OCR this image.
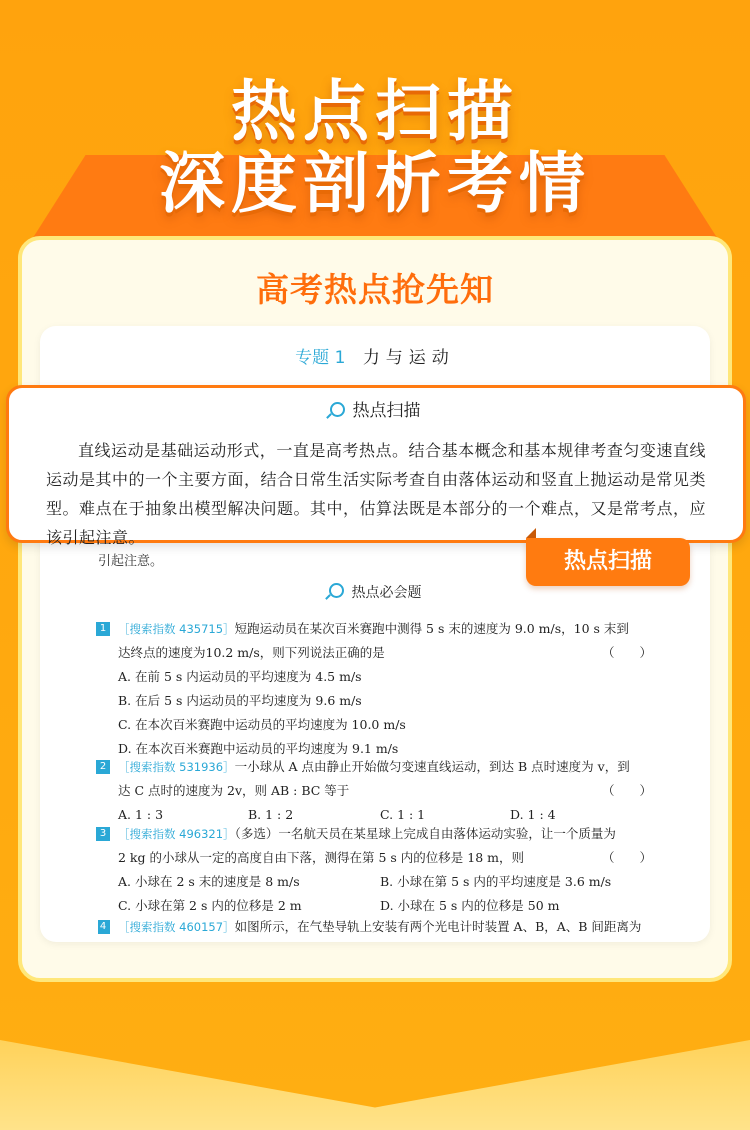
热点扫描
深度剖析考情
高考热点抢先知
专题 1 力与运动
引起注意。
热点扫描
直线运动是基础运动形式，一直是高考热点。结合基本概念和基本规律考查匀变速直线运动是其中的一个主要方面，结合日常生活实际考查自由落体运动和竖直上抛运动是常见类型。难点在于抽象出模型解决问题。其中，估算法既是本部分的一个难点，又是常考点，应该引起注意。
热点扫描
热点必会题
1	［搜索指数 435715］短跑运动员在某次百米赛跑中测得 5 s 末的速度为 9.0 m/s，10 s 末到
达终点的速度为10.2 m/s，则下列说法正确的是	（　　）
A. 在前 5 s 内运动员的平均速度为 4.5 m/s
B. 在后 5 s 内运动员的平均速度为 9.6 m/s
C. 在本次百米赛跑中运动员的平均速度为 10.0 m/s
D. 在本次百米赛跑中运动员的平均速度为 9.1 m/s
2	［搜索指数 531936］一小球从 A 点由静止开始做匀变速直线运动，到达 B 点时速度为 v，到
达 C 点时的速度为 2v，则 AB : BC 等于	（　　）
A. 1 : 3	B. 1 : 2	C. 1 : 1	D. 1 : 4
3	［搜索指数 496321］（多选）一名航天员在某星球上完成自由落体运动实验，让一个质量为
2 kg 的小球从一定的高度自由下落，测得在第 5 s 内的位移是 18 m，则	（　　）
A. 小球在 2 s 末的速度是 8 m/s	B. 小球在第 5 s 内的平均速度是 3.6 m/s
C. 小球在第 2 s 内的位移是 2 m	D. 小球在 5 s 内的位移是 50 m
4	［搜索指数 460157］如图所示，在气垫导轨上安装有两个光电计时装置 A、B，A、B 间距离为
